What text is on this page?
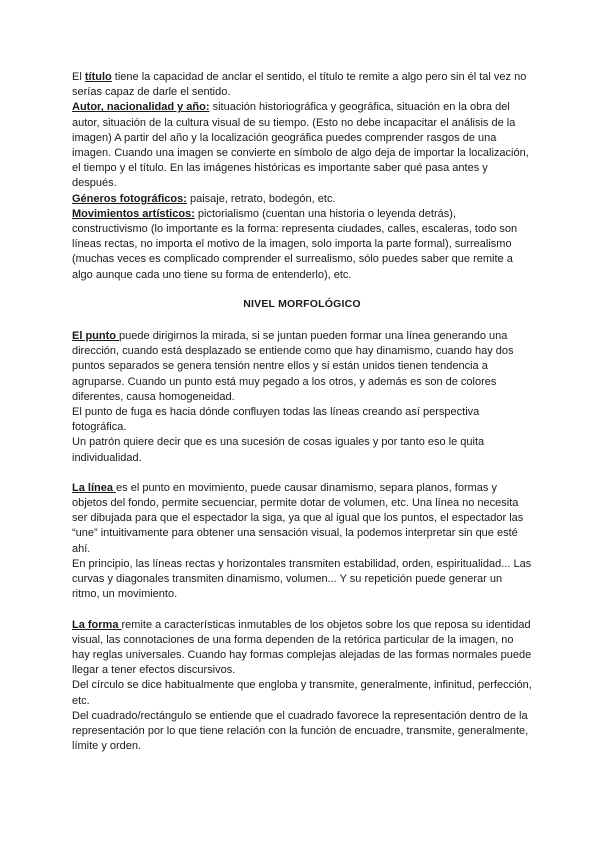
El título tiene la capacidad de anclar el sentido, el título te remite a algo pero sin él tal vez no serías capaz de darle el sentido.

Autor, nacionalidad y año: situación historiográfica y geográfica, situación en la obra del autor, situación de la cultura visual de su tiempo. (Esto no debe incapacitar el análisis de la imagen) A partir del año y la localización geográfica puedes comprender rasgos de una imagen. Cuando una imagen se convierte en símbolo de algo deja de importar la localización, el tiempo y el título. En las imágenes históricas es importante saber qué pasa antes y después.

Géneros fotográficos: paisaje, retrato, bodegón, etc.

Movimientos artísticos: pictorialismo (cuentan una historia o leyenda detrás), constructivismo (lo importante es la forma: representa ciudades, calles, escaleras, todo son líneas rectas, no importa el motivo de la imagen, solo importa la parte formal), surrealismo (muchas veces es complicado comprender el surrealismo, sólo puedes saber que remite a algo aunque cada uno tiene su forma de entenderlo), etc.

NIVEL MORFOLÓGICO

El punto puede dirigirnos la mirada, si se juntan pueden formar una línea generando una dirección, cuando está desplazado se entiende como que hay dinamismo, cuando hay dos puntos separados se genera tensión nentre ellos y si están unidos tienen tendencia a agruparse. Cuando un punto está muy pegado a los otros, y además es son de colores diferentes, causa homogeneidad.

El punto de fuga es hacia dónde confluyen todas las líneas creando así perspectiva fotográfica.

Un patrón quiere decir que es una sucesión de cosas iguales y por tanto eso le quita individualidad.

La línea es el punto en movimiento, puede causar dinamismo, separa planos, formas y objetos del fondo, permite secuenciar, permite dotar de volumen, etc. Una línea no necesita ser dibujada para que el espectador la siga, ya que al igual que los puntos, el espectador las “une” intuitivamente para obtener una sensación visual, la podemos interpretar sin que esté ahí.

En principio, las líneas rectas y horizontales transmiten estabilidad, orden, espiritualidad... Las curvas y diagonales transmiten dinamismo, volumen... Y su repetición puede generar un ritmo, un movimiento.

La forma remite a características inmutables de los objetos sobre los que reposa su identidad visual, las connotaciones de una forma dependen de la retórica particular de la imagen, no hay reglas universales. Cuando hay formas complejas alejadas de las formas normales puede llegar a tener efectos discursivos.

Del círculo se dice habitualmente que engloba y transmite, generalmente, infinitud, perfección, etc.

Del cuadrado/rectángulo se entiende que el cuadrado favorece la representación dentro de la representación por lo que tiene relación con la función de encuadre, transmite, generalmente, límite y orden.
